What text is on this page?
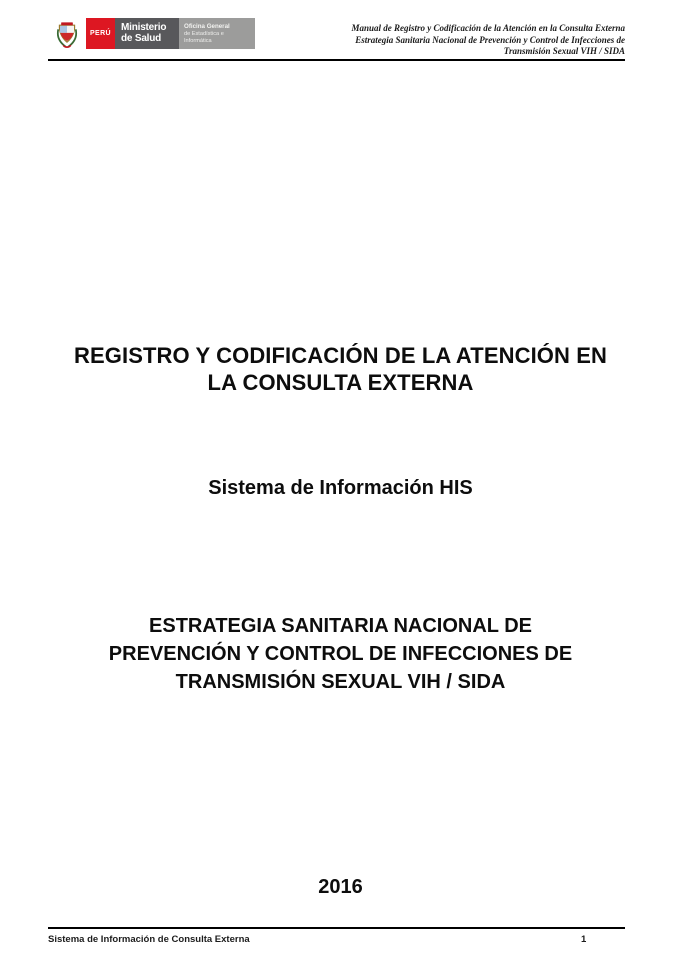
PERÚ
Ministerio
de Salud
Oficina General
de Estadística e Informática
Manual de Registro y Codificación de la Atención en la Consulta Externa
Estrategia Sanitaria Nacional de Prevención y Control de Infecciones de
Transmisión Sexual VIH / SIDA
REGISTRO Y CODIFICACIÓN DE LA ATENCIÓN EN
LA CONSULTA EXTERNA
Sistema de Información HIS
ESTRATEGIA SANITARIA NACIONAL DE
PREVENCIÓN Y CONTROL DE INFECCIONES DE
TRANSMISIÓN SEXUAL VIH / SIDA
2016
Sistema de Información de Consulta Externa	1
